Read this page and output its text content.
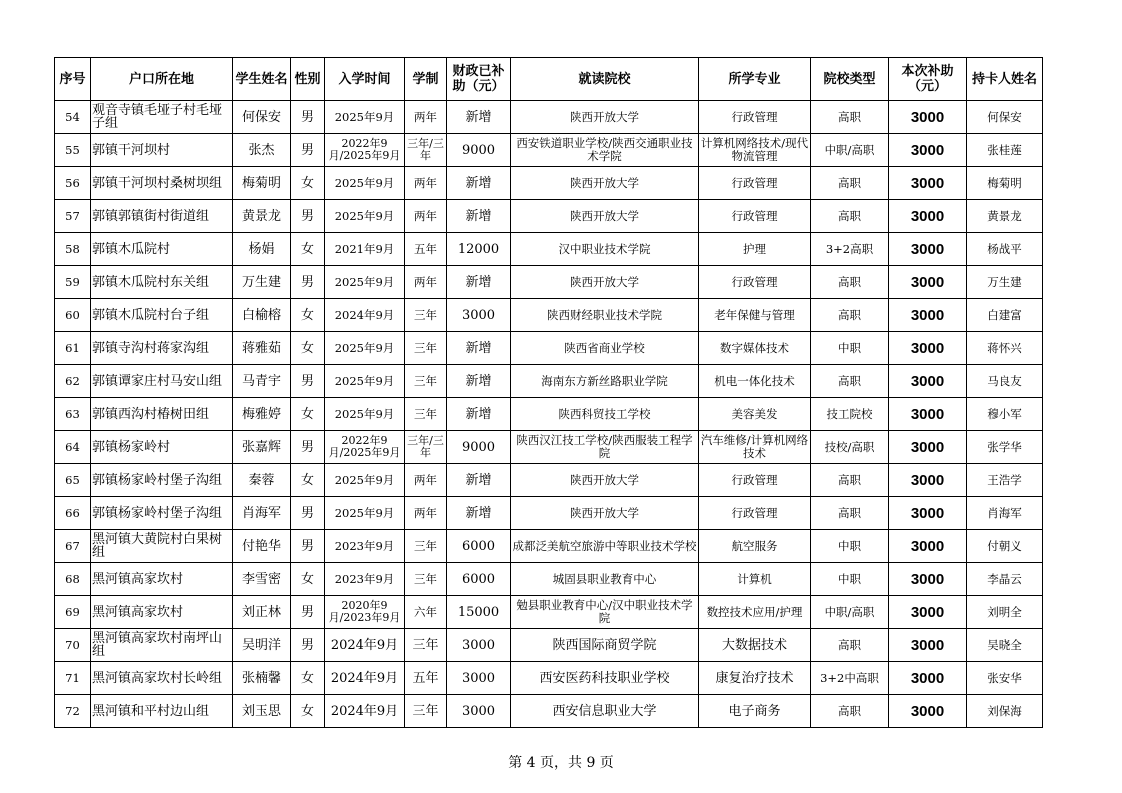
序号	户口所在地	学生姓名	性别	入学时间	学制	财政已补助（元）	就读院校	所学专业	院校类型	本次补助（元）	持卡人姓名
54	观音寺镇毛垭子村毛垭子组	何保安	男	2025年9月	两年	新增	陕西开放大学	行政管理	高职	3000	何保安
55	郭镇干河坝村	张杰	男	2022年9月/2025年9月	三年/三年	9000	西安铁道职业学校/陕西交通职业技术学院	计算机网络技术/现代物流管理	中职/高职	3000	张桂莲
56	郭镇干河坝村桑树坝组	梅菊明	女	2025年9月	两年	新增	陕西开放大学	行政管理	高职	3000	梅菊明
57	郭镇郭镇街村街道组	黄景龙	男	2025年9月	两年	新增	陕西开放大学	行政管理	高职	3000	黄景龙
58	郭镇木瓜院村	杨娟	女	2021年9月	五年	12000	汉中职业技术学院	护理	3+2高职	3000	杨战平
59	郭镇木瓜院村东关组	万生建	男	2025年9月	两年	新增	陕西开放大学	行政管理	高职	3000	万生建
60	郭镇木瓜院村台子组	白榆榕	女	2024年9月	三年	3000	陕西财经职业技术学院	老年保健与管理	高职	3000	白建富
61	郭镇寺沟村蒋家沟组	蒋雅茹	女	2025年9月	三年	新增	陕西省商业学校	数字媒体技术	中职	3000	蒋怀兴
62	郭镇谭家庄村马安山组	马青宇	男	2025年9月	三年	新增	海南东方新丝路职业学院	机电一体化技术	高职	3000	马良友
63	郭镇西沟村椿树田组	梅雅婷	女	2025年9月	三年	新增	陕西科贸技工学校	美容美发	技工院校	3000	穆小军
64	郭镇杨家岭村	张嘉辉	男	2022年9月/2025年9月	三年/三年	9000	陕西汉江技工学校/陕西服装工程学院	汽车维修/计算机网络技术	技校/高职	3000	张学华
65	郭镇杨家岭村堡子沟组	秦蓉	女	2025年9月	两年	新增	陕西开放大学	行政管理	高职	3000	王浩学
66	郭镇杨家岭村堡子沟组	肖海军	男	2025年9月	两年	新增	陕西开放大学	行政管理	高职	3000	肖海军
67	黑河镇大黄院村白果树组	付艳华	男	2023年9月	三年	6000	成都泛美航空旅游中等职业技术学校	航空服务	中职	3000	付朝义
68	黑河镇高家坎村	李雪密	女	2023年9月	三年	6000	城固县职业教育中心	计算机	中职	3000	李晶云
69	黑河镇高家坎村	刘正林	男	2020年9月/2023年9月	六年	15000	勉县职业教育中心/汉中职业技术学院	数控技术应用/护理	中职/高职	3000	刘明全
70	黑河镇高家坎村南坪山组	吴明洋	男	2024年9月	三年	3000	陕西国际商贸学院	大数据技术	高职	3000	吴晓全
71	黑河镇高家坎村长岭组	张楠馨	女	2024年9月	五年	3000	西安医药科技职业学校	康复治疗技术	3+2中高职	3000	张安华
72	黑河镇和平村边山组	刘玉思	女	2024年9月	三年	3000	西安信息职业大学	电子商务	高职	3000	刘保海
第 4 页，共 9 页
